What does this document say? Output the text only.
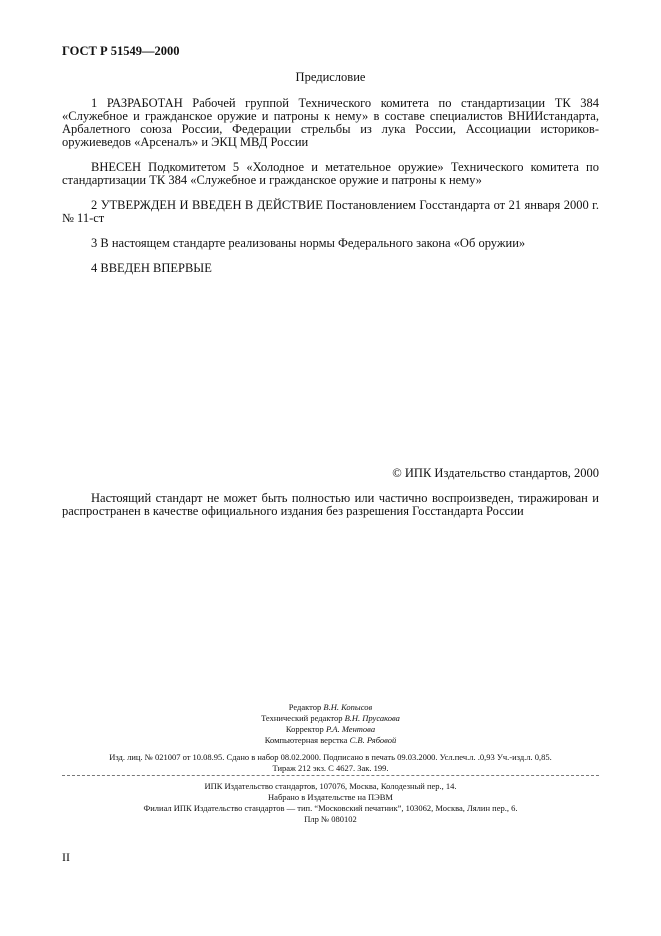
ГОСТ Р 51549—2000
Предисловие

1 РАЗРАБОТАН Рабочей группой Технического комитета по стандартизации ТК 384 «Служебное и гражданское оружие и патроны к нему» в составе специалистов ВНИИстандарта, Арбалетного союза России, Федерации стрельбы из лука России, Ассоциации историков-оружиеведов «Арсеналъ» и ЭКЦ МВД России

ВНЕСЕН Подкомитетом 5 «Холодное и метательное оружие» Технического комитета по стандартизации ТК 384 «Служебное и гражданское оружие и патроны к нему»

2 УТВЕРЖДЕН И ВВЕДЕН В ДЕЙСТВИЕ Постановлением Госстандарта от 21 января 2000 г. № 11-ст

3 В настоящем стандарте реализованы нормы Федерального закона «Об оружии»

4 ВВЕДЕН ВПЕРВЫЕ

© ИПК Издательство стандартов, 2000

Настоящий стандарт не может быть полностью или частично воспроизведен, тиражирован и распространен в качестве официального издания без разрешения Госстандарта России

Редактор В.Н. Копысов
Технический редактор В.Н. Прусакова
Корректор Р.А. Ментова
Компьютерная верстка С.В. Рябовой
Изд. лиц. № 021007 от 10.08.95. Сдано в набор 08.02.2000. Подписано в печать 09.03.2000. Усл.печ.л. .0,93 Уч.-изд.л. 0,85.
Тираж 212 экз. С 4627. Зак. 199.
ИПК Издательство стандартов, 107076, Москва, Колодезный пер., 14.
Набрано в Издательстве на ПЭВМ
Филиал ИПК Издательство стандартов — тип. “Московский печатник”, 103062, Москва, Лялин пер., 6.
Плр № 080102
II
